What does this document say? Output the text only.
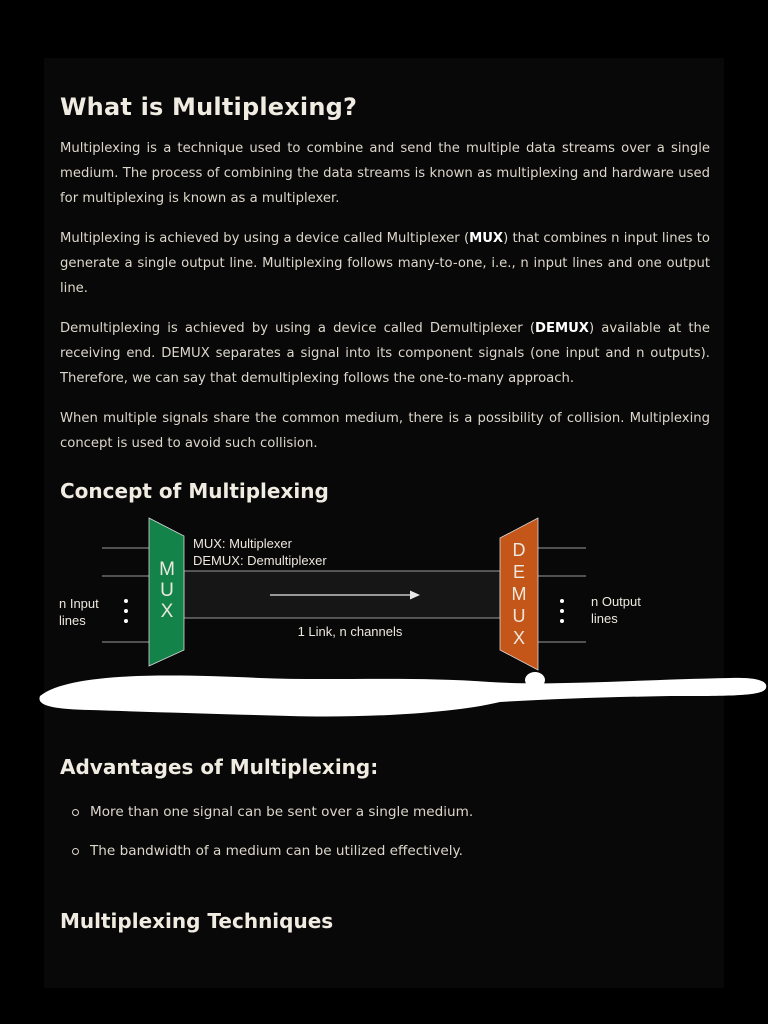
What is Multiplexing?

Multiplexing is a technique used to combine and send the multiple data streams over a single medium. The process of combining the data streams is known as multiplexing and hardware used for multiplexing is known as a multiplexer.

Multiplexing is achieved by using a device called Multiplexer (MUX) that combines n input lines to generate a single output line. Multiplexing follows many-to-one, i.e., n input lines and one output line.

Demultiplexing is achieved by using a device called Demultiplexer (DEMUX) available at the receiving end. DEMUX separates a signal into its component signals (one input and n outputs). Therefore, we can say that demultiplexing follows the one-to-many approach.

When multiple signals share the common medium, there is a possibility of collision. Multiplexing concept is used to avoid such collision.

Concept of Multiplexing
M
U
X
D
E
M
U
X
MUX: Multiplexer
DEMUX: Demultiplexer
1 Link, n channels
n Input
lines
n Output
lines
Advantages of Multiplexing:
More than one signal can be sent over a single medium.
The bandwidth of a medium can be utilized effectively.
Multiplexing Techniques
